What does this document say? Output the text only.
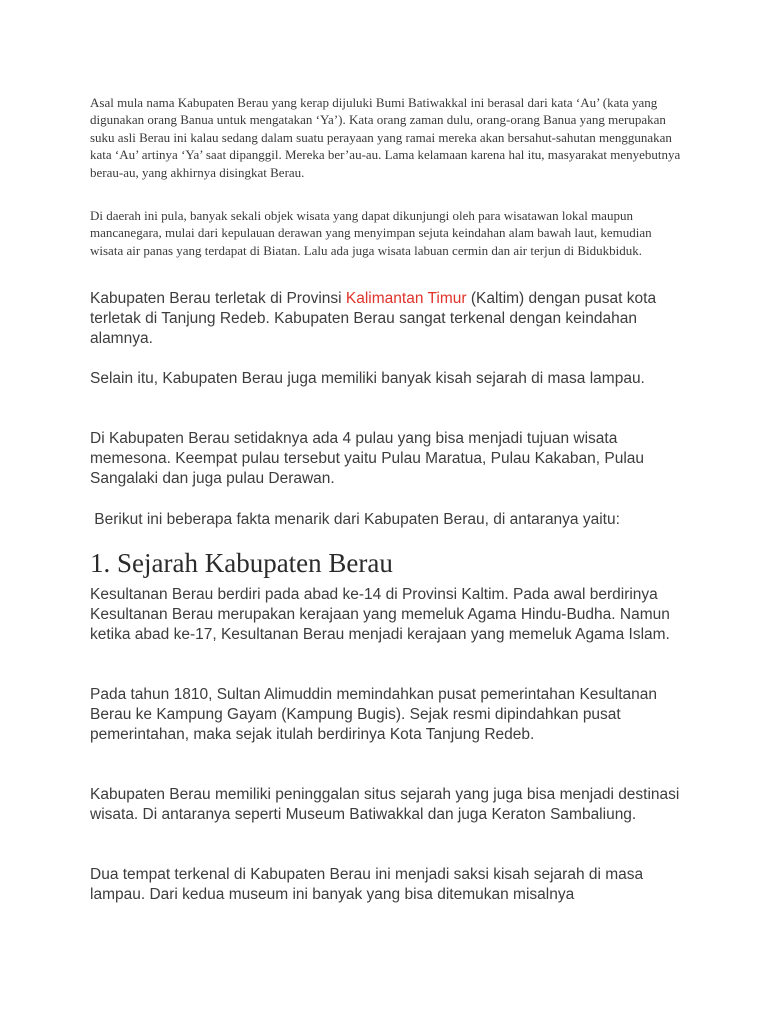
Asal mula nama Kabupaten Berau yang kerap dijuluki Bumi Batiwakkal ini berasal dari kata ‘Au’ (kata yang digunakan orang Banua untuk mengatakan ‘Ya’). Kata orang zaman dulu, orang-orang Banua yang merupakan suku asli Berau ini kalau sedang dalam suatu perayaan yang ramai mereka akan bersahut-sahutan menggunakan kata ‘Au’ artinya ‘Ya’ saat dipanggil. Mereka ber’au-au. Lama kelamaan karena hal itu, masyarakat menyebutnya berau-au, yang akhirnya disingkat Berau.

Di daerah ini pula, banyak sekali objek wisata yang dapat dikunjungi oleh para wisatawan lokal maupun mancanegara, mulai dari kepulauan derawan yang menyimpan sejuta keindahan alam bawah laut, kemudian wisata air panas yang terdapat di Biatan. Lalu ada juga wisata labuan cermin dan air terjun di Bidukbiduk.

Kabupaten Berau terletak di Provinsi Kalimantan Timur (Kaltim) dengan pusat kota terletak di Tanjung Redeb. Kabupaten Berau sangat terkenal dengan keindahan alamnya.

Selain itu, Kabupaten Berau juga memiliki banyak kisah sejarah di masa lampau.

Di Kabupaten Berau setidaknya ada 4 pulau yang bisa menjadi tujuan wisata memesona. Keempat pulau tersebut yaitu Pulau Maratua, Pulau Kakaban, Pulau Sangalaki dan juga pulau Derawan.

Berikut ini beberapa fakta menarik dari Kabupaten Berau, di antaranya yaitu:

1. Sejarah Kabupaten Berau

Kesultanan Berau berdiri pada abad ke-14 di Provinsi Kaltim. Pada awal berdirinya Kesultanan Berau merupakan kerajaan yang memeluk Agama Hindu-Budha. Namun ketika abad ke-17, Kesultanan Berau menjadi kerajaan yang memeluk Agama Islam.

Pada tahun 1810, Sultan Alimuddin memindahkan pusat pemerintahan Kesultanan Berau ke Kampung Gayam (Kampung Bugis). Sejak resmi dipindahkan pusat pemerintahan, maka sejak itulah berdirinya Kota Tanjung Redeb.

Kabupaten Berau memiliki peninggalan situs sejarah yang juga bisa menjadi destinasi wisata. Di antaranya seperti Museum Batiwakkal dan juga Keraton Sambaliung.

Dua tempat terkenal di Kabupaten Berau ini menjadi saksi kisah sejarah di masa lampau. Dari kedua museum ini banyak yang bisa ditemukan misalnya
